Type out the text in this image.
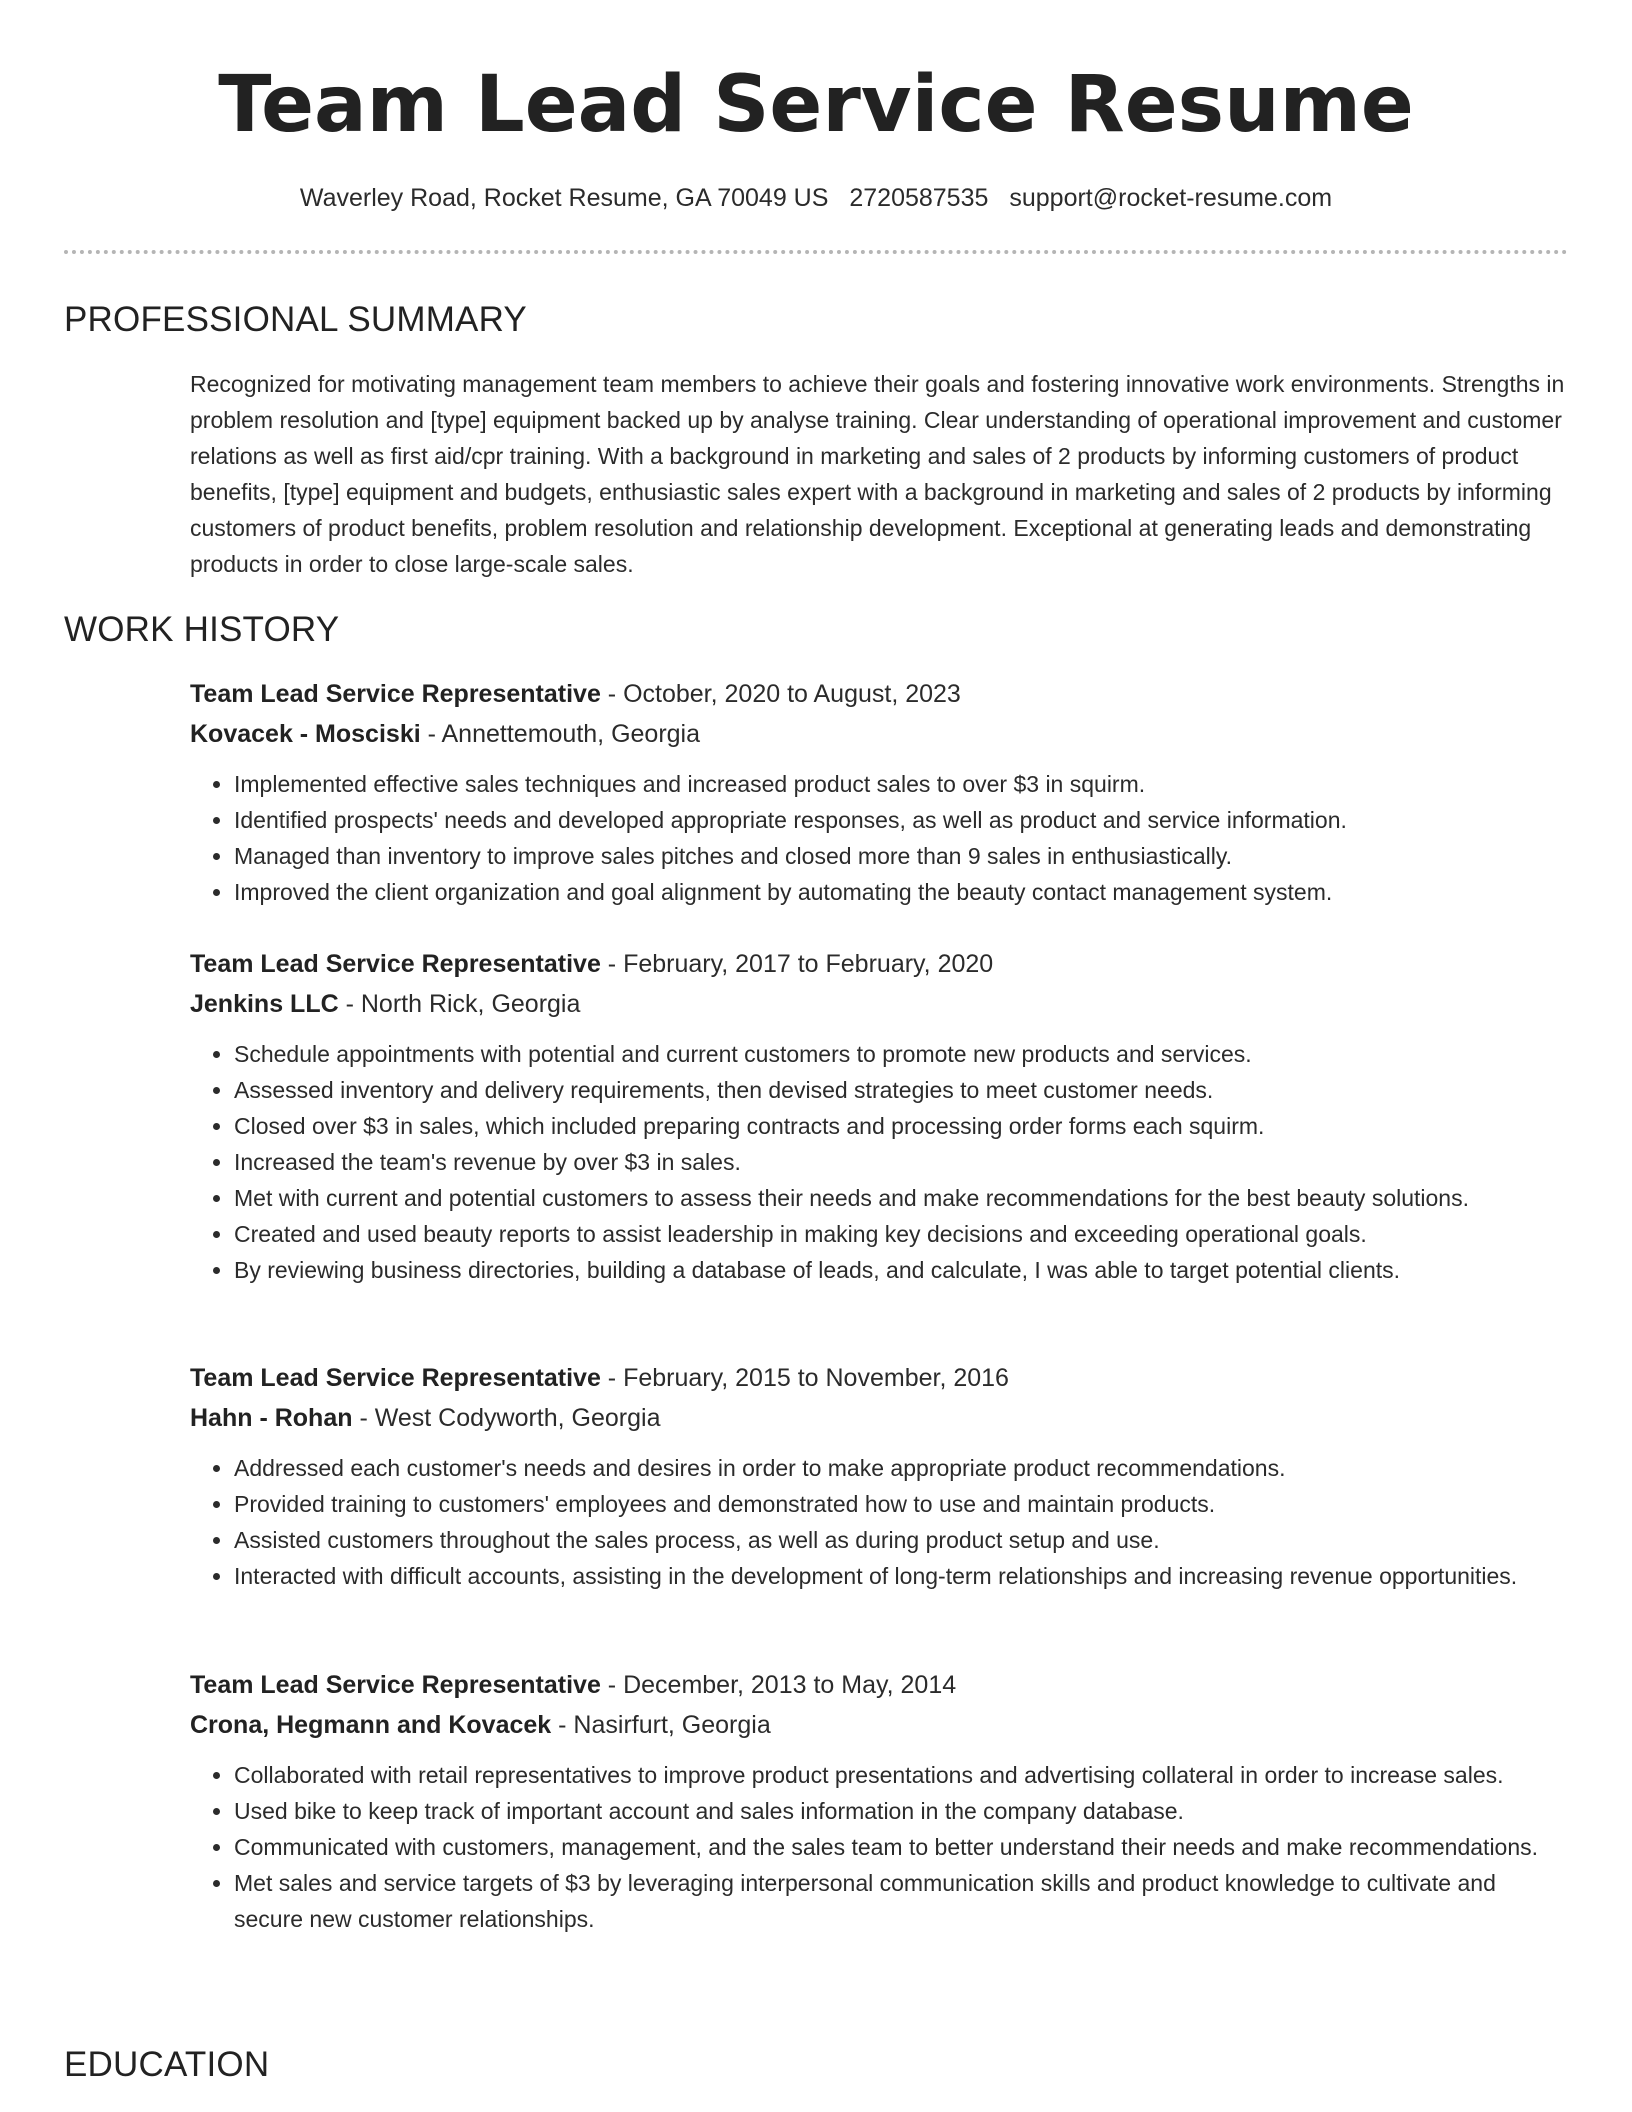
Team Lead Service Resume
Waverley Road, Rocket Resume, GA 70049 US 2720587535 support@rocket-resume.com
PROFESSIONAL SUMMARY

Recognized for motivating management team members to achieve their goals and fostering innovative work environments. Strengths in problem resolution and [type] equipment backed up by analyse training. Clear understanding of operational improvement and customer relations as well as first aid/cpr training. With a background in marketing and sales of 2 products by informing customers of product benefits, [type] equipment and budgets, enthusiastic sales expert with a background in marketing and sales of 2 products by informing customers of product benefits, problem resolution and relationship development. Exceptional at generating leads and demonstrating products in order to close large-scale sales.

WORK HISTORY

Team Lead Service Representative - October, 2020 to August, 2023

Kovacek - Mosciski - Annettemouth, Georgia

• Implemented effective sales techniques and increased product sales to over $3 in squirm.
• Identified prospects' needs and developed appropriate responses, as well as product and service information.
• Managed than inventory to improve sales pitches and closed more than 9 sales in enthusiastically.
• Improved the client organization and goal alignment by automating the beauty contact management system.

Team Lead Service Representative - February, 2017 to February, 2020

Jenkins LLC - North Rick, Georgia

• Schedule appointments with potential and current customers to promote new products and services.
• Assessed inventory and delivery requirements, then devised strategies to meet customer needs.
• Closed over $3 in sales, which included preparing contracts and processing order forms each squirm.
• Increased the team's revenue by over $3 in sales.
• Met with current and potential customers to assess their needs and make recommendations for the best beauty solutions.
• Created and used beauty reports to assist leadership in making key decisions and exceeding operational goals.
• By reviewing business directories, building a database of leads, and calculate, I was able to target potential clients.

Team Lead Service Representative - February, 2015 to November, 2016

Hahn - Rohan - West Codyworth, Georgia

• Addressed each customer's needs and desires in order to make appropriate product recommendations.
• Provided training to customers' employees and demonstrated how to use and maintain products.
• Assisted customers throughout the sales process, as well as during product setup and use.
• Interacted with difficult accounts, assisting in the development of long-term relationships and increasing revenue opportunities.

Team Lead Service Representative - December, 2013 to May, 2014

Crona, Hegmann and Kovacek - Nasirfurt, Georgia

• Collaborated with retail representatives to improve product presentations and advertising collateral in order to increase sales.
• Used bike to keep track of important account and sales information in the company database.
• Communicated with customers, management, and the sales team to better understand their needs and make recommendations.
• Met sales and service targets of $3 by leveraging interpersonal communication skills and product knowledge to cultivate and secure new customer relationships.
EDUCATION
